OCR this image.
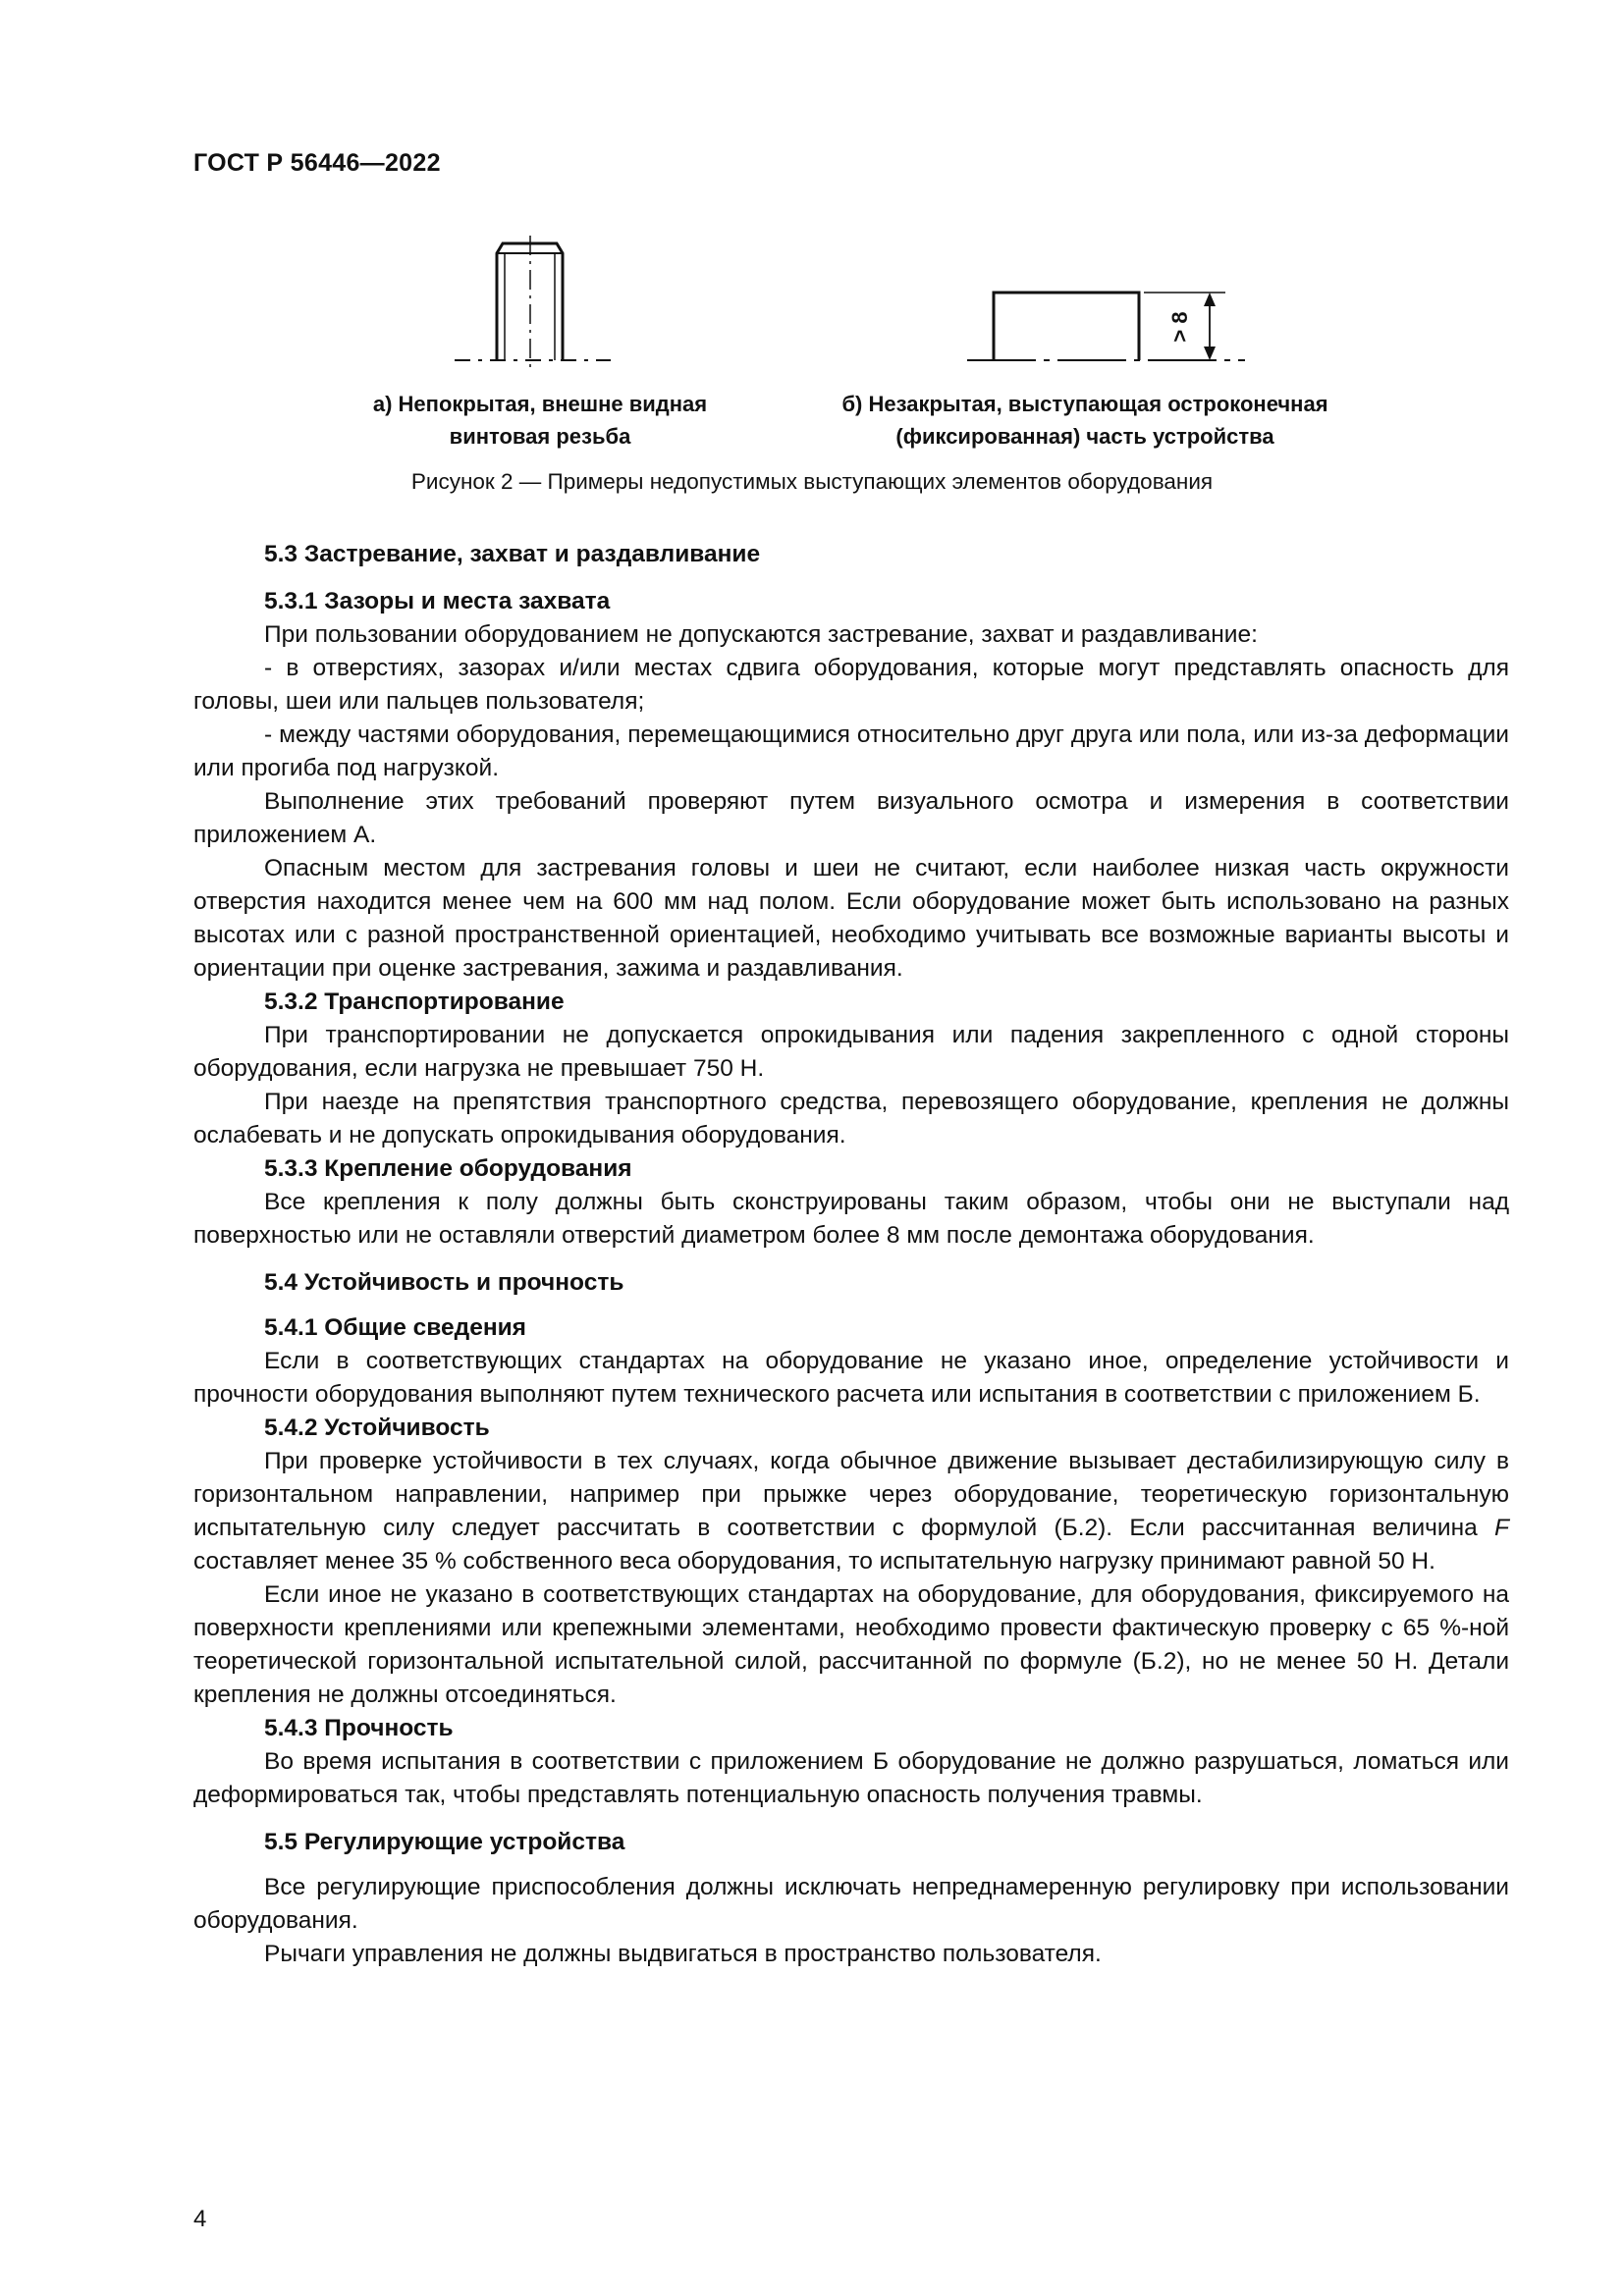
ГОСТ Р 56446—2022
> 8
а) Непокрытая, внешне видная
винтовая резьба
б) Незакрытая, выступающая остроконечная
(фиксированная) часть устройства
Рисунок 2 — Примеры недопустимых выступающих элементов оборудования
5.3 Застревание, захват и раздавливание
5.3.1 Зазоры и места захвата

При пользовании оборудованием не допускаются застревание, захват и раздавливание:

- в отверстиях, зазорах и/или местах сдвига оборудования, которые могут представлять опасность для головы, шеи или пальцев пользователя;

- между частями оборудования, перемещающимися относительно друг друга или пола, или из-за деформации или прогиба под нагрузкой.

Выполнение этих требований проверяют путем визуального осмотра и измерения в соответствии приложением А.

Опасным местом для застревания головы и шеи не считают, если наиболее низкая часть окружности отверстия находится менее чем на 600 мм над полом. Если оборудование может быть использовано на разных высотах или с разной пространственной ориентацией, необходимо учитывать все возможные варианты высоты и ориентации при оценке застревания, зажима и раздавливания.

5.3.2 Транспортирование

При транспортировании не допускается опрокидывания или падения закрепленного с одной стороны оборудования, если нагрузка не превышает 750 Н.

При наезде на препятствия транспортного средства, перевозящего оборудование, крепления не должны ослабевать и не допускать опрокидывания оборудования.

5.3.3 Крепление оборудования

Все крепления к полу должны быть сконструированы таким образом, чтобы они не выступали над поверхностью или не оставляли отверстий диаметром более 8 мм после демонтажа оборудования.

5.4 Устойчивость и прочность
5.4.1 Общие сведения

Если в соответствующих стандартах на оборудование не указано иное, определение устойчивости и прочности оборудования выполняют путем технического расчета или испытания в соответствии с приложением Б.

5.4.2 Устойчивость

При проверке устойчивости в тех случаях, когда обычное движение вызывает дестабилизирующую силу в горизонтальном направлении, например при прыжке через оборудование, теоретическую горизонтальную испытательную силу следует рассчитать в соответствии с формулой (Б.2). Если рассчитанная величина F составляет менее 35 % собственного веса оборудования, то испытательную нагрузку принимают равной 50 Н.

Если иное не указано в соответствующих стандартах на оборудование, для оборудования, фиксируемого на поверхности креплениями или крепежными элементами, необходимо провести фактическую проверку с 65 %-ной теоретической горизонтальной испытательной силой, рассчитанной по формуле (Б.2), но не менее 50 Н. Детали крепления не должны отсоединяться.

5.4.3 Прочность

Во время испытания в соответствии с приложением Б оборудование не должно разрушаться, ломаться или деформироваться так, чтобы представлять потенциальную опасность получения травмы.

5.5 Регулирующие устройства

Все регулирующие приспособления должны исключать непреднамеренную регулировку при использовании оборудования.

Рычаги управления не должны выдвигаться в пространство пользователя.

4
